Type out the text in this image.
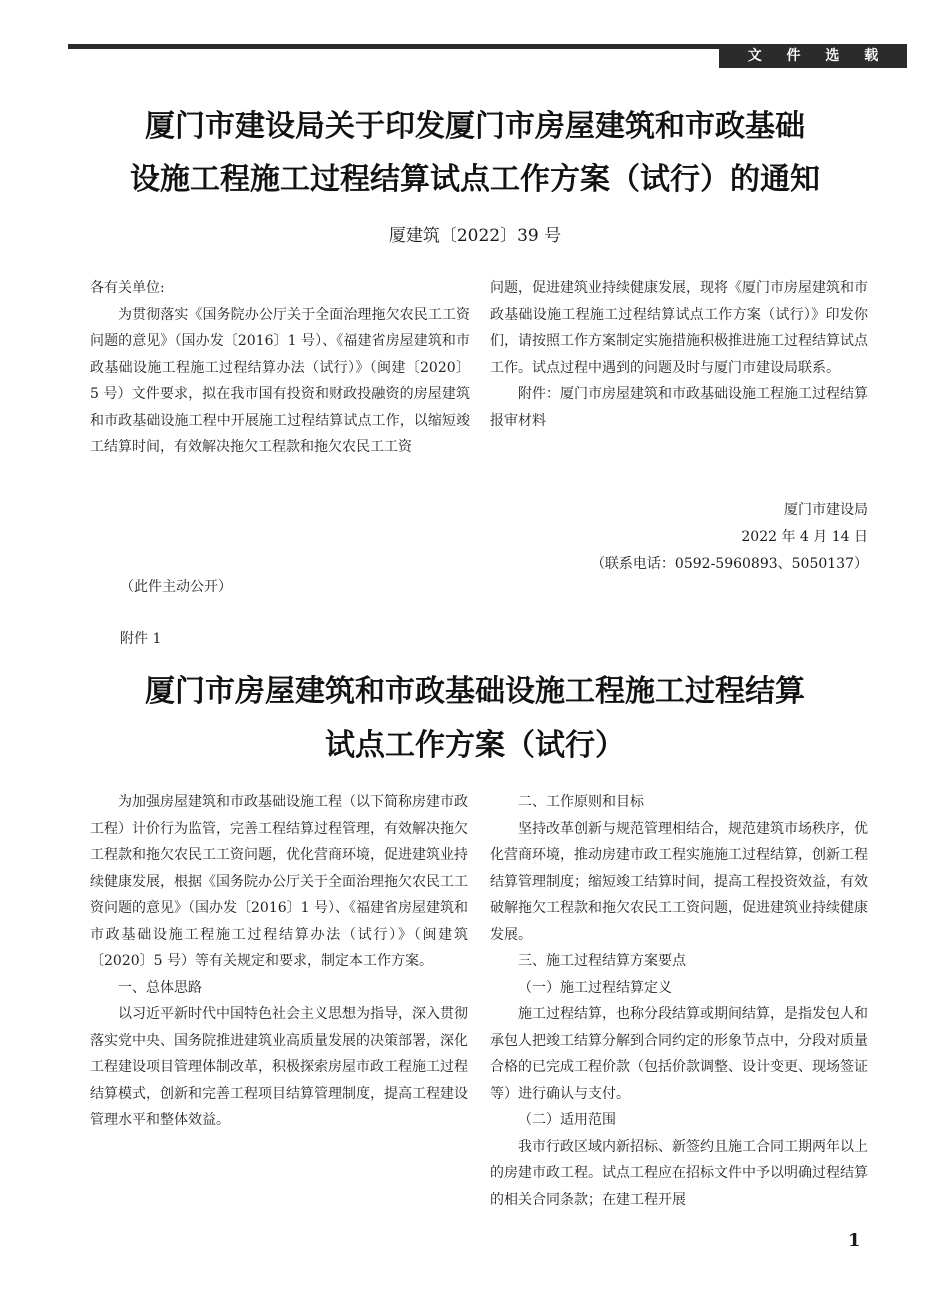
文 件 选 载
厦门市建设局关于印发厦门市房屋建筑和市政基础
设施工程施工过程结算试点工作方案（试行）的通知
厦建筑〔2022〕39 号

各有关单位:

为贯彻落实《国务院办公厅关于全面治理拖欠农民工工资问题的意见》（国办发〔2016〕1 号）、《福建省房屋建筑和市政基础设施工程施工过程结算办法（试行）》（闽建〔2020〕5 号）文件要求，拟在我市国有投资和财政投融资的房屋建筑和市政基础设施工程中开展施工过程结算试点工作，以缩短竣工结算时间，有效解决拖欠工程款和拖欠农民工工资

问题，促进建筑业持续健康发展，现将《厦门市房屋建筑和市政基础设施工程施工过程结算试点工作方案（试行）》印发你们，请按照工作方案制定实施措施积极推进施工过程结算试点工作。试点过程中遇到的问题及时与厦门市建设局联系。

附件：厦门市房屋建筑和市政基础设施工程施工过程结算报审材料

厦门市建设局
2022 年 4 月 14 日
（联系电话：0592-5960893、5050137）
（此件主动公开）
附件 1
厦门市房屋建筑和市政基础设施工程施工过程结算
试点工作方案（试行）

为加强房屋建筑和市政基础设施工程（以下简称房建市政工程）计价行为监管，完善工程结算过程管理，有效解决拖欠工程款和拖欠农民工工资问题，优化营商环境，促进建筑业持续健康发展，根据《国务院办公厅关于全面治理拖欠农民工工资问题的意见》（国办发〔2016〕1 号）、《福建省房屋建筑和市政基础设施工程施工过程结算办法（试行）》（闽建筑〔2020〕5 号）等有关规定和要求，制定本工作方案。

一、总体思路

以习近平新时代中国特色社会主义思想为指导，深入贯彻落实党中央、国务院推进建筑业高质量发展的决策部署，深化工程建设项目管理体制改革，积极探索房屋市政工程施工过程结算模式，创新和完善工程项目结算管理制度，提高工程建设管理水平和整体效益。

二、工作原则和目标

坚持改革创新与规范管理相结合，规范建筑市场秩序，优化营商环境，推动房建市政工程实施施工过程结算，创新工程结算管理制度；缩短竣工结算时间，提高工程投资效益，有效破解拖欠工程款和拖欠农民工工资问题，促进建筑业持续健康发展。

三、施工过程结算方案要点

（一）施工过程结算定义

施工过程结算，也称分段结算或期间结算，是指发包人和承包人把竣工结算分解到合同约定的形象节点中，分段对质量合格的已完成工程价款（包括价款调整、设计变更、现场签证等）进行确认与支付。

（二）适用范围

我市行政区域内新招标、新签约且施工合同工期两年以上的房建市政工程。试点工程应在招标文件中予以明确过程结算的相关合同条款；在建工程开展

1
